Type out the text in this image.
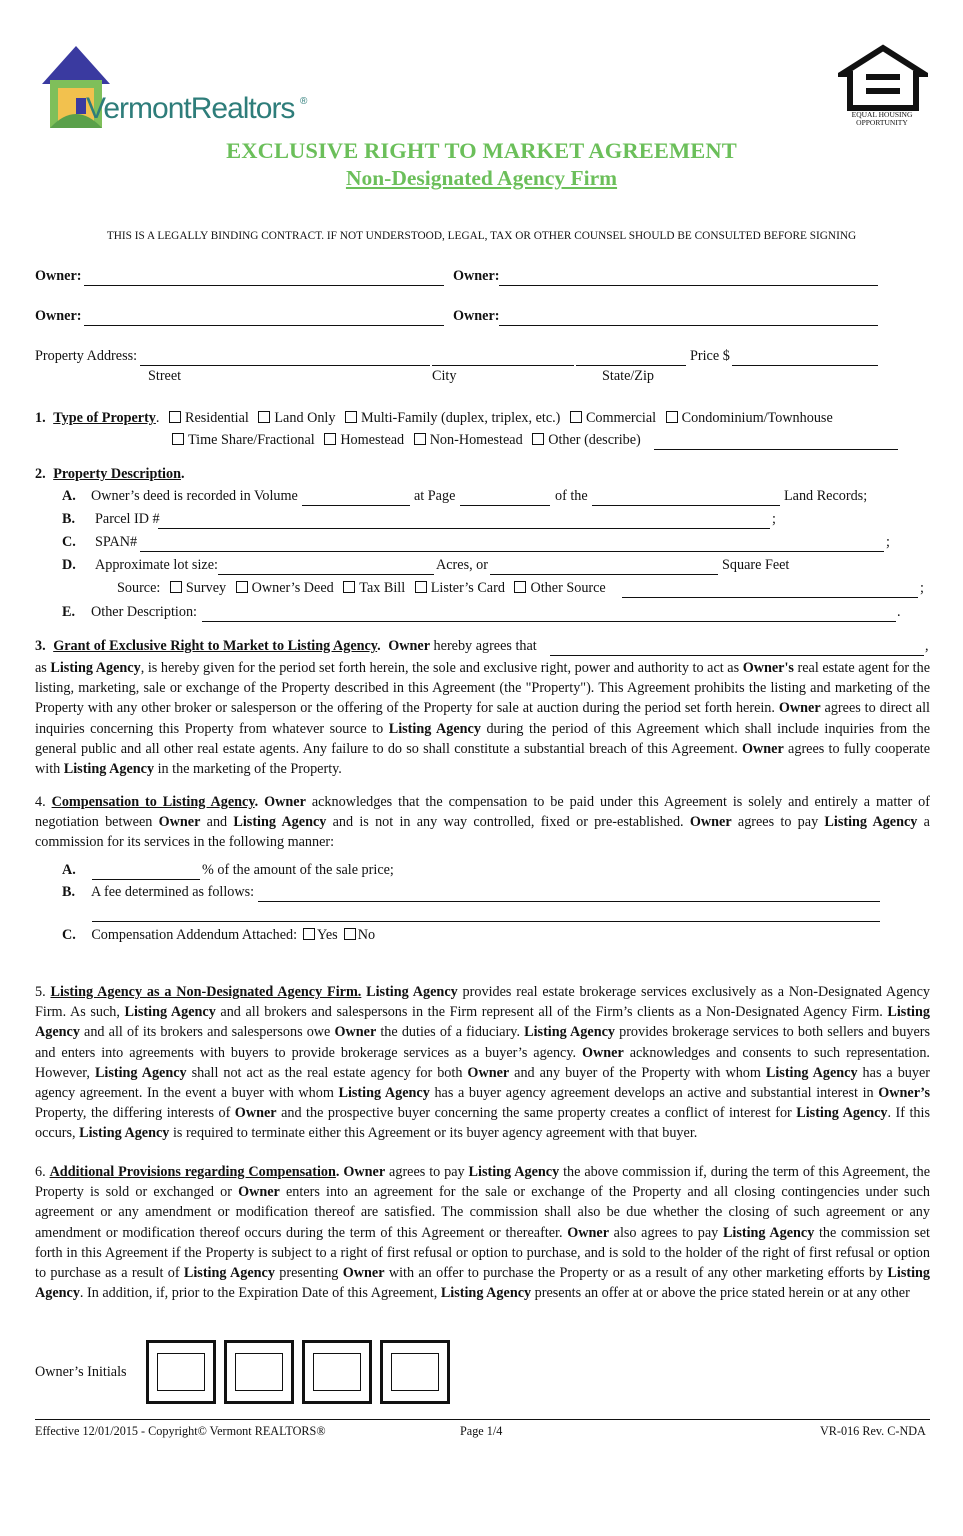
VermontRealtors ®
EQUAL HOUSING
OPPORTUNITY
EXCLUSIVE RIGHT TO MARKET AGREEMENT
Non-Designated Agency Firm
THIS IS A LEGALLY BINDING CONTRACT. IF NOT UNDERSTOOD, LEGAL, TAX OR OTHER COUNSEL SHOULD BE CONSULTED BEFORE SIGNING
Owner:	Owner:
Owner:	Owner:
Property Address:	Price $
Street	City	State/Zip
1. Type of Property. Residential Land Only Multi-Family (duplex, triplex, etc.) Commercial Condominium/Townhouse
Time Share/Fractional Homestead Non-Homestead Other (describe)
2. Property Description.
A. Owner’s deed is recorded in Volume	at Page	of the	Land Records;
B. Parcel ID #	;
C. SPAN#	;
D. Approximate lot size:	Acres, or	Square Feet
Source: Survey Owner’s Deed Tax Bill Lister’s Card Other Source	;
E. Other Description:	.
3. Grant of Exclusive Right to Market to Listing Agency. Owner hereby agrees that	,
as Listing Agency, is hereby given for the period set forth herein, the sole and exclusive right, power and authority to act as Owner's real estate agent for the listing, marketing, sale or exchange of the Property described in this Agreement (the "Property"). This Agreement prohibits the listing and marketing of the Property with any other broker or salesperson or the offering of the Property for sale at auction during the period set forth herein. Owner agrees to direct all inquiries concerning this Property from whatever source to Listing Agency during the period of this Agreement which shall include inquiries from the general public and all other real estate agents. Any failure to do so shall constitute a substantial breach of this Agreement. Owner agrees to fully cooperate with Listing Agency in the marketing of the Property.
4. Compensation to Listing Agency. Owner acknowledges that the compensation to be paid under this Agreement is solely and entirely a matter of negotiation between Owner and Listing Agency and is not in any way controlled, fixed or pre-established. Owner agrees to pay Listing Agency a commission for its services in the following manner:
A.	% of the amount of the sale price;
B. A fee determined as follows:
C. Compensation Addendum Attached: Yes No
5. Listing Agency as a Non-Designated Agency Firm. Listing Agency provides real estate brokerage services exclusively as a Non-Designated Agency Firm. As such, Listing Agency and all brokers and salespersons in the Firm represent all of the Firm’s clients as a Non-Designated Agency Firm. Listing Agency and all of its brokers and salespersons owe Owner the duties of a fiduciary. Listing Agency provides brokerage services to both sellers and buyers and enters into agreements with buyers to provide brokerage services as a buyer’s agency. Owner acknowledges and consents to such representation. However, Listing Agency shall not act as the real estate agency for both Owner and any buyer of the Property with whom Listing Agency has a buyer agency agreement. In the event a buyer with whom Listing Agency has a buyer agency agreement develops an active and substantial interest in Owner’s Property, the differing interests of Owner and the prospective buyer concerning the same property creates a conflict of interest for Listing Agency. If this occurs, Listing Agency is required to terminate either this Agreement or its buyer agency agreement with that buyer.
6. Additional Provisions regarding Compensation. Owner agrees to pay Listing Agency the above commission if, during the term of this Agreement, the Property is sold or exchanged or Owner enters into an agreement for the sale or exchange of the Property and all closing contingencies under such agreement or any amendment or modification thereof are satisfied. The commission shall also be due whether the closing of such agreement or any amendment or modification thereof occurs during the term of this Agreement or thereafter. Owner also agrees to pay Listing Agency the commission set forth in this Agreement if the Property is subject to a right of first refusal or option to purchase, and is sold to the holder of the right of first refusal or option to purchase as a result of Listing Agency presenting Owner with an offer to purchase the Property or as a result of any other marketing efforts by Listing Agency. In addition, if, prior to the Expiration Date of this Agreement, Listing Agency presents an offer at or above the price stated herein or at any other
Owner’s Initials
Effective 12/01/2015 - Copyright© Vermont REALTORS®	Page 1/4	VR-016 Rev. C-NDA
